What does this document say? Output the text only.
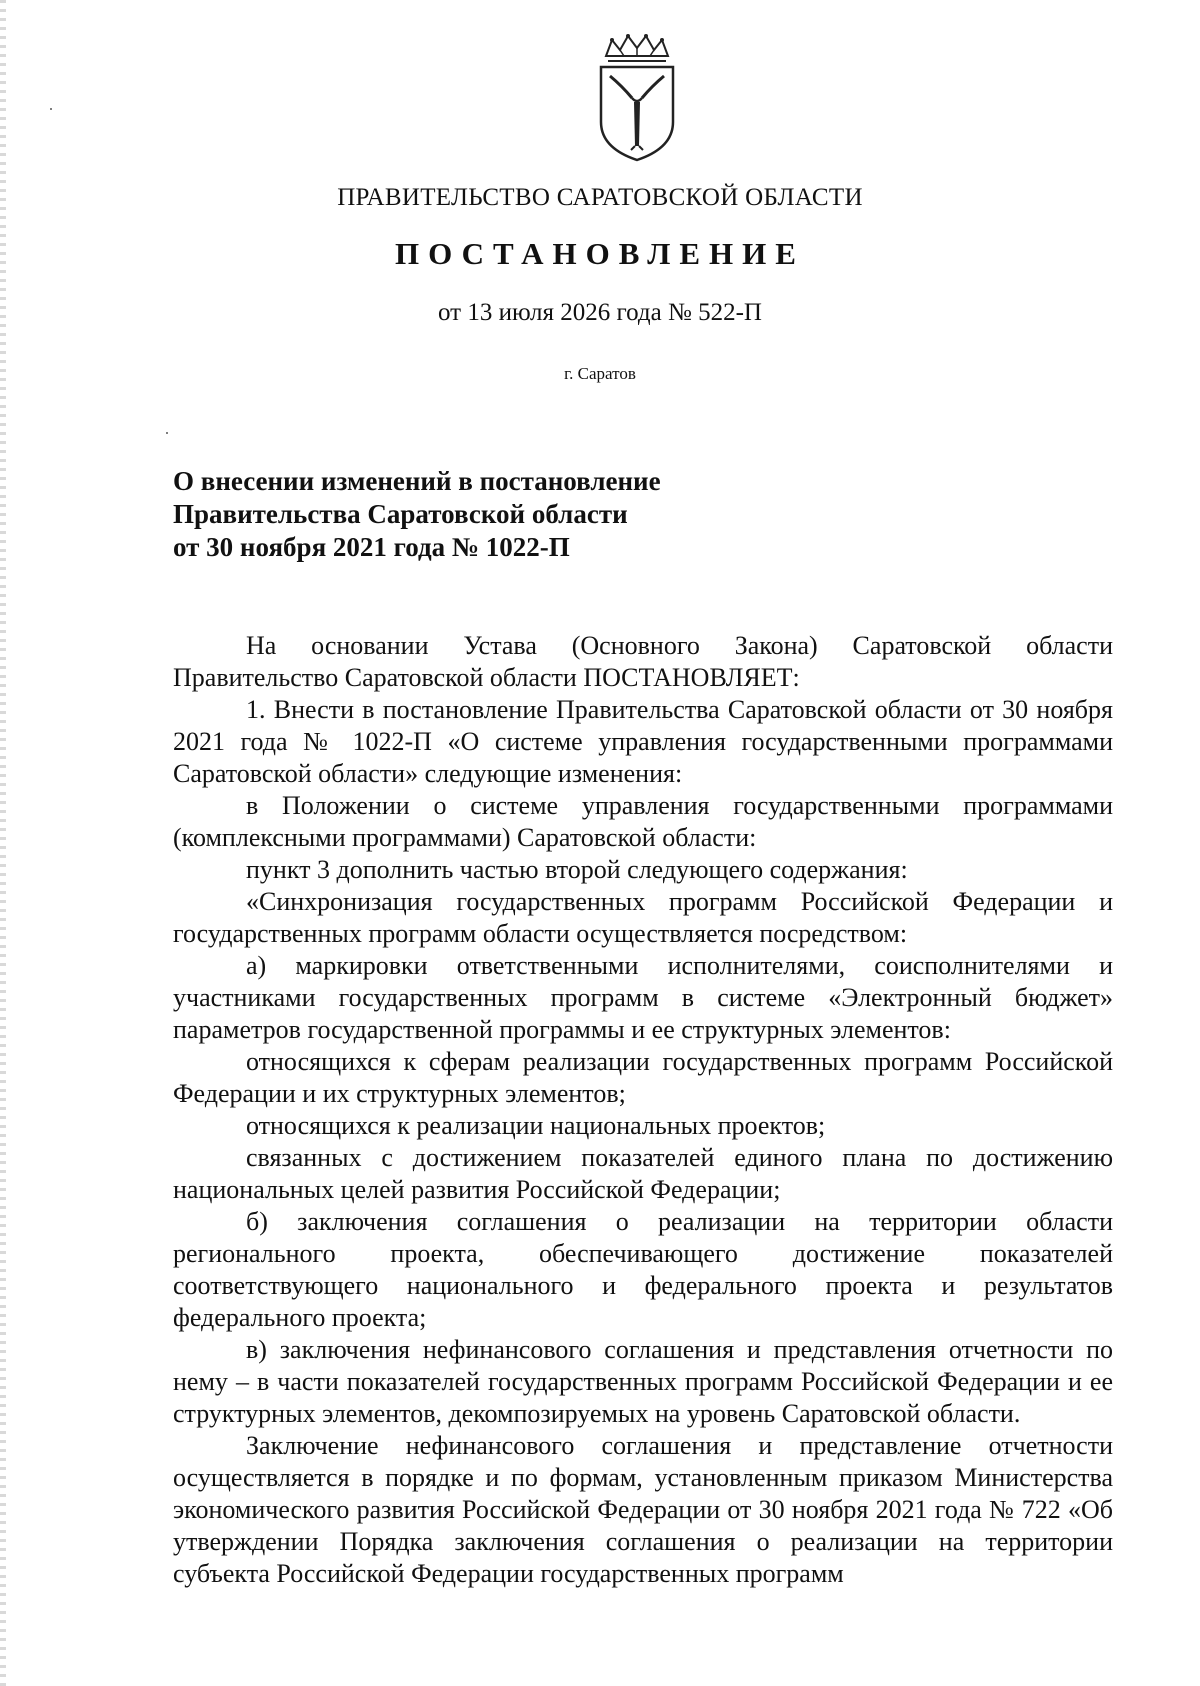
ПРАВИТЕЛЬСТВО САРАТОВСКОЙ ОБЛАСТИ
ПОСТАНОВЛЕНИЕ
от 13 июля 2026 года № 522-П
г. Саратов
О внесении изменений в постановление
Правительства Саратовской области
от 30 ноября 2021 года № 1022-П

На основании Устава (Основного Закона) Саратовской области Правительство Саратовской области ПОСТАНОВЛЯЕТ:

1. Внести в постановление Правительства Саратовской области от 30 ноября 2021 года № 1022-П «О системе управления государственными программами Саратовской области» следующие изменения:

в Положении о системе управления государственными программами (комплексными программами) Саратовской области:

пункт 3 дополнить частью второй следующего содержания:

«Синхронизация государственных программ Российской Федерации и государственных программ области осуществляется посредством:

а) маркировки ответственными исполнителями, соисполнителями и участниками государственных программ в системе «Электронный бюджет» параметров государственной программы и ее структурных элементов:

относящихся к сферам реализации государственных программ Российской Федерации и их структурных элементов;

относящихся к реализации национальных проектов;

связанных с достижением показателей единого плана по достижению национальных целей развития Российской Федерации;

б) заключения соглашения о реализации на территории области регионального проекта, обеспечивающего достижение показателей соответствующего национального и федерального проекта и результатов федерального проекта;

в) заключения нефинансового соглашения и представления отчетности по нему – в части показателей государственных программ Российской Федерации и ее структурных элементов, декомпозируемых на уровень Саратовской области.

Заключение нефинансового соглашения и представление отчетности осуществляется в порядке и по формам, установленным приказом Министерства экономического развития Российской Федерации от 30 ноября 2021 года № 722 «Об утверждении Порядка заключения соглашения о реализации на территории субъекта Российской Федерации государственных программ
